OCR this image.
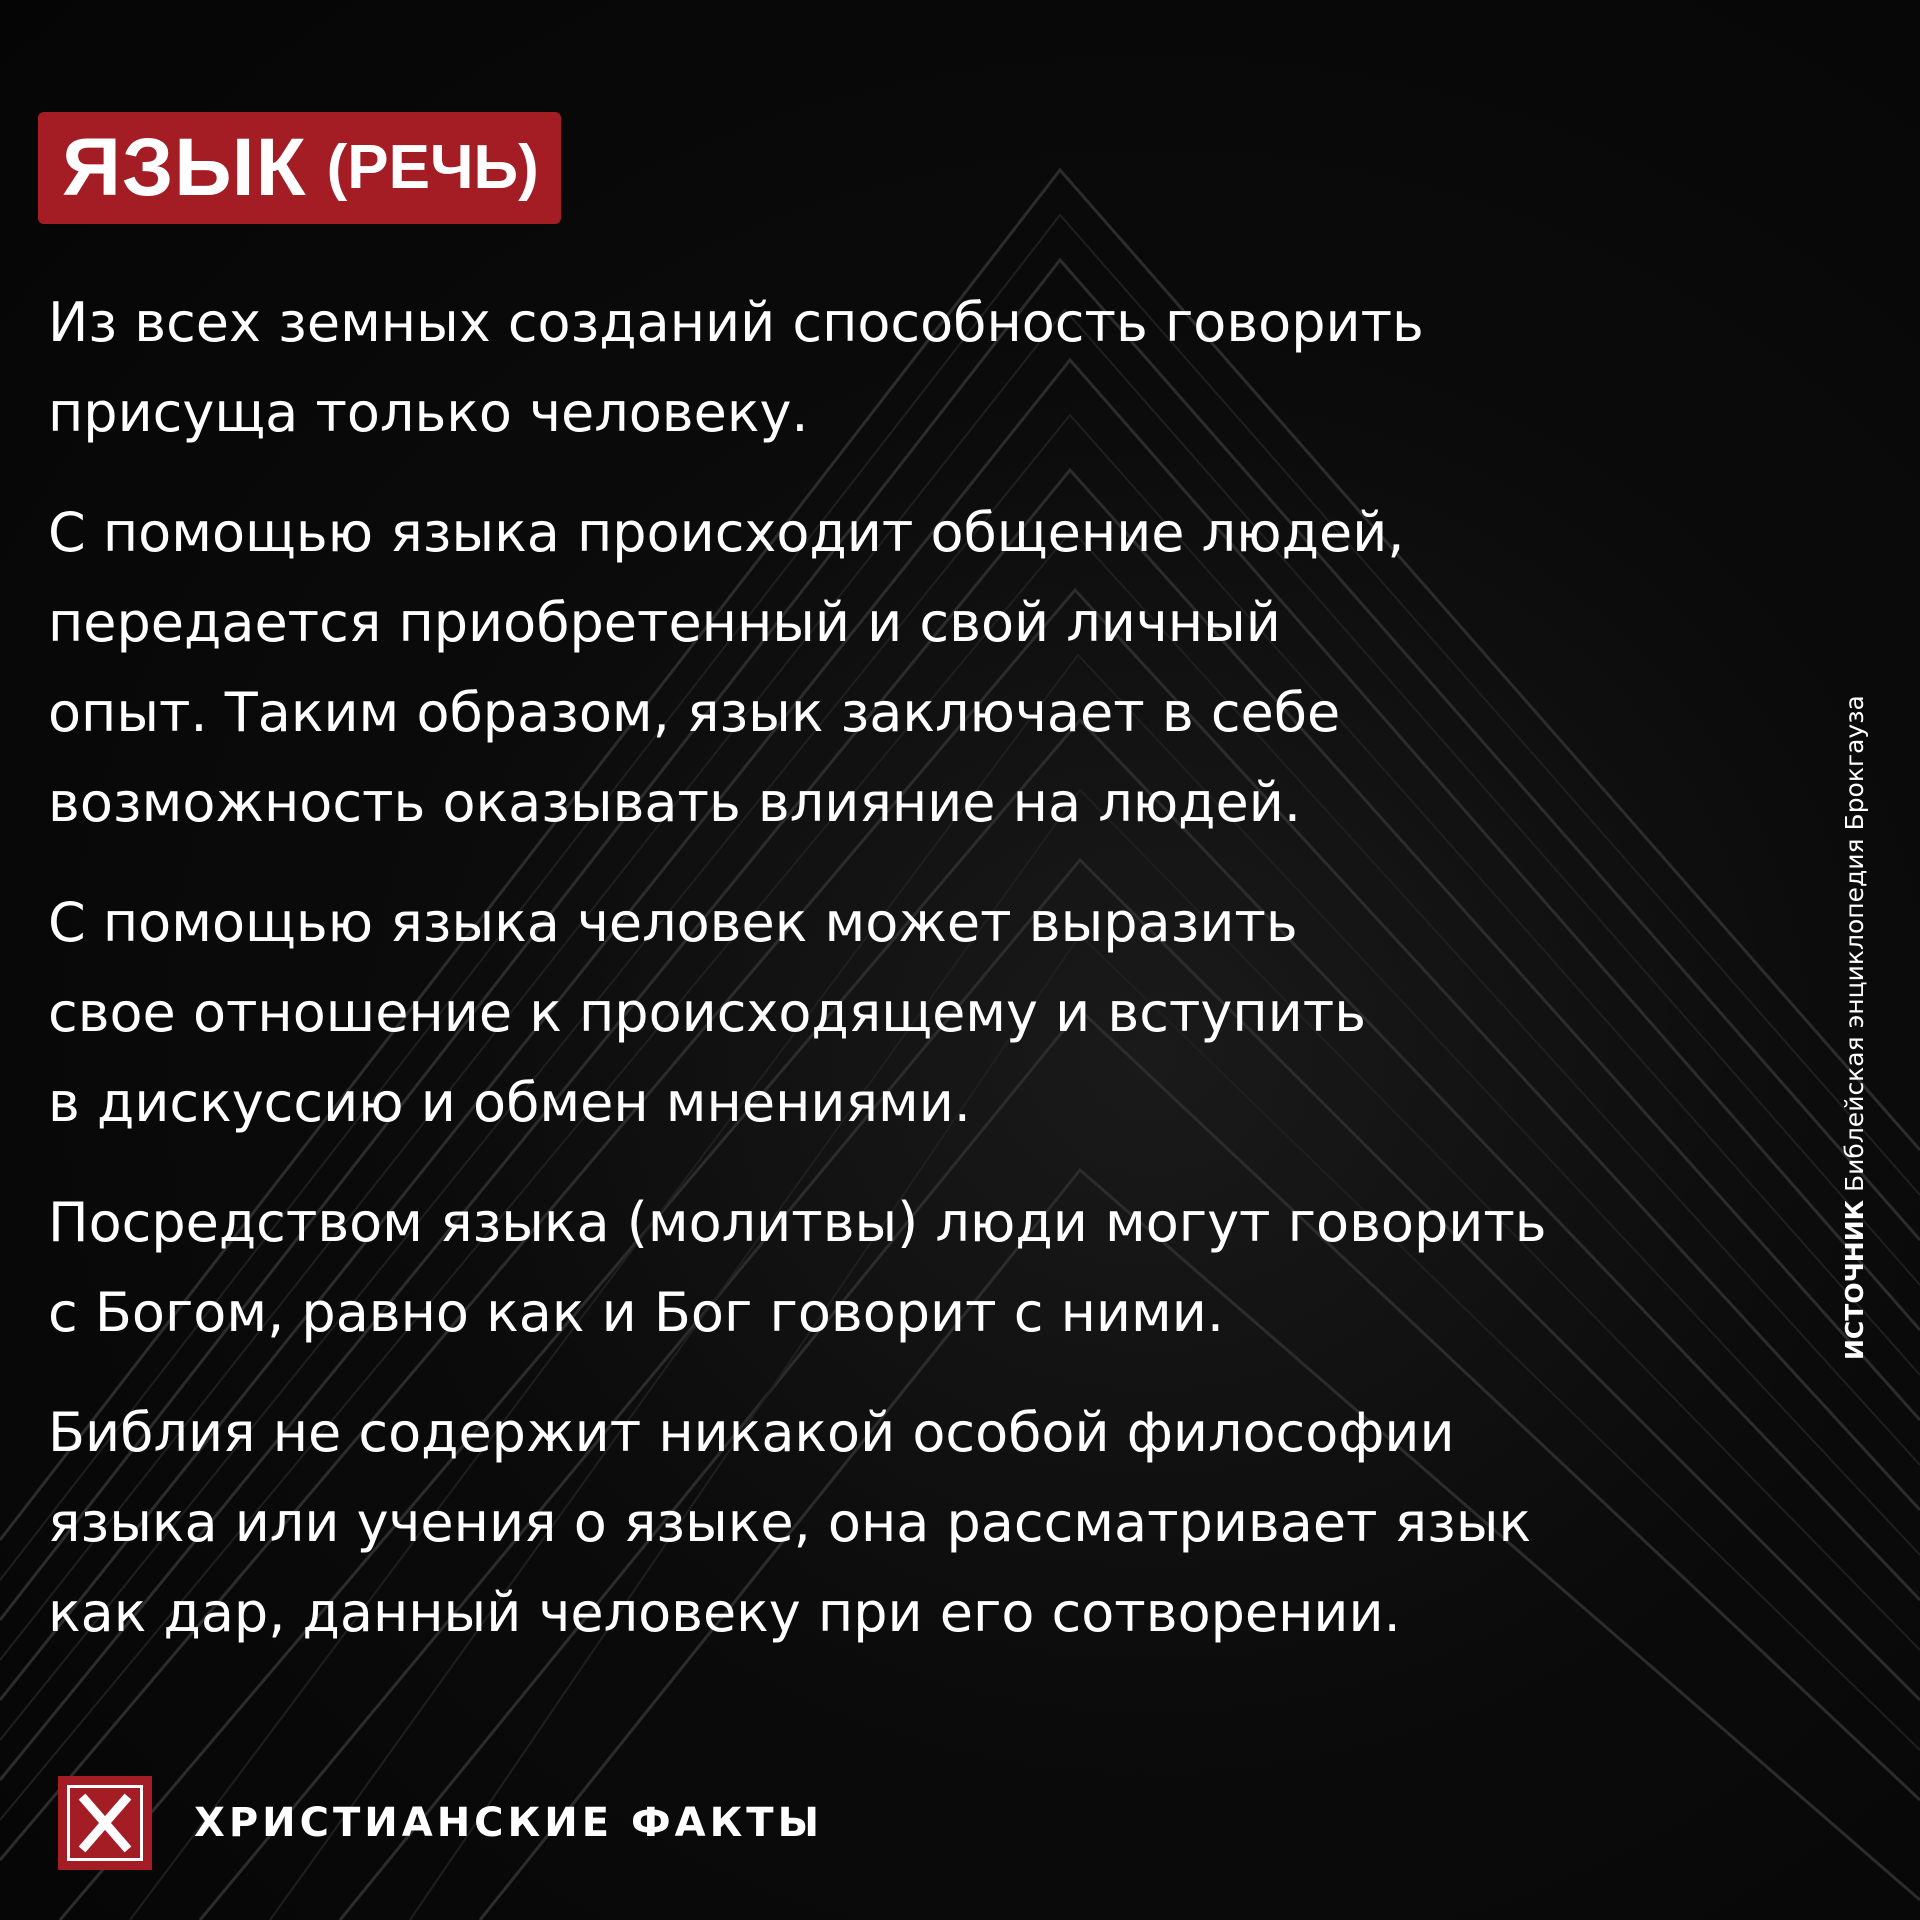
ЯЗЫК (РЕЧЬ)
Из всех земных созданий способность говорить
присуща только человеку.
С помощью языка происходит общение людей,
передается приобретенный и свой личный
опыт. Таким образом, язык заключает в себе
возможность оказывать влияние на людей.
С помощью языка человек может выразить
свое отношение к происходящему и вступить
в дискуссию и обмен мнениями.
Посредством языка (молитвы) люди могут говорить
с Богом, равно как и Бог говорит с ними.
Библия не содержит никакой особой философии
языка или учения о языке, она рассматривает язык
как дар, данный человеку при его сотворении.
ИСТОЧНИК Библейская энциклопедия Брокгауза
ХРИСТИАНСКИЕ ФАКТЫ
